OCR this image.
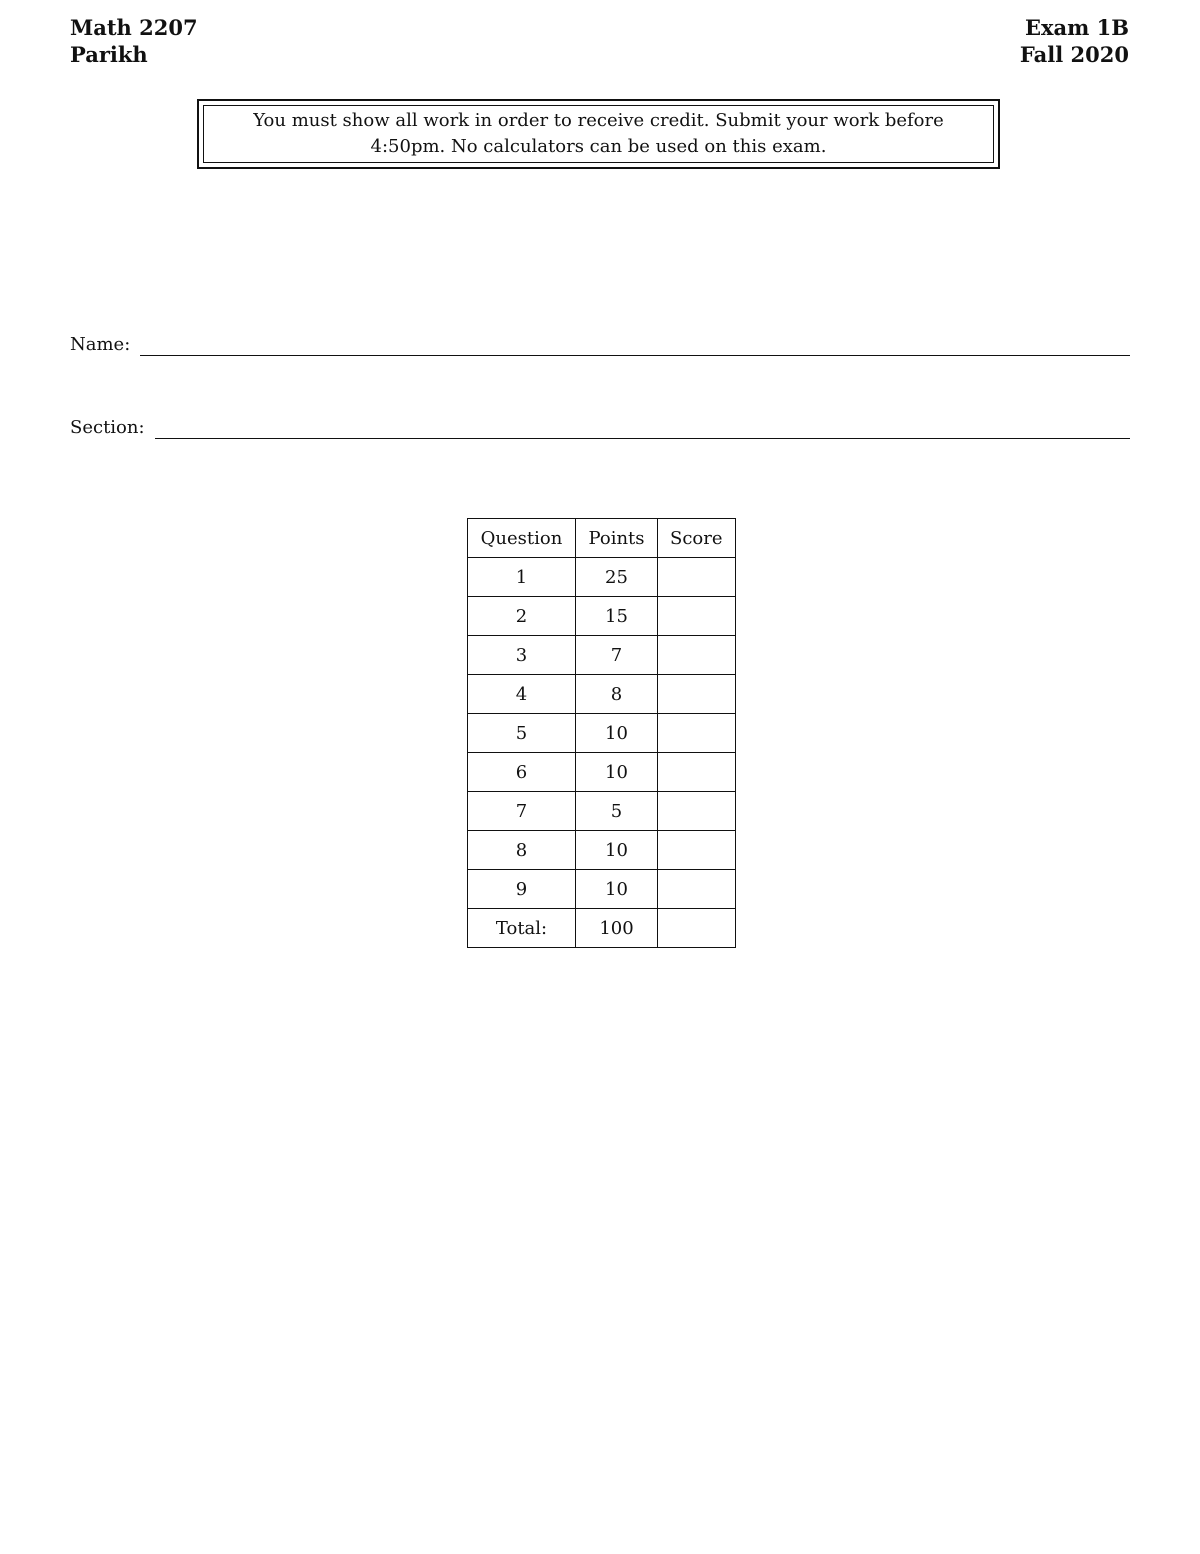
Math 2207
Parikh
Exam 1B
Fall 2020
You must show all work in order to receive credit. Submit your work before
4:50pm. No calculators can be used on this exam.
Name:
Section:
Question	Points	Score
1	25	
2	15	
3	7	
4	8	
5	10	
6	10	
7	5	
8	10	
9	10	
Total:	100	
